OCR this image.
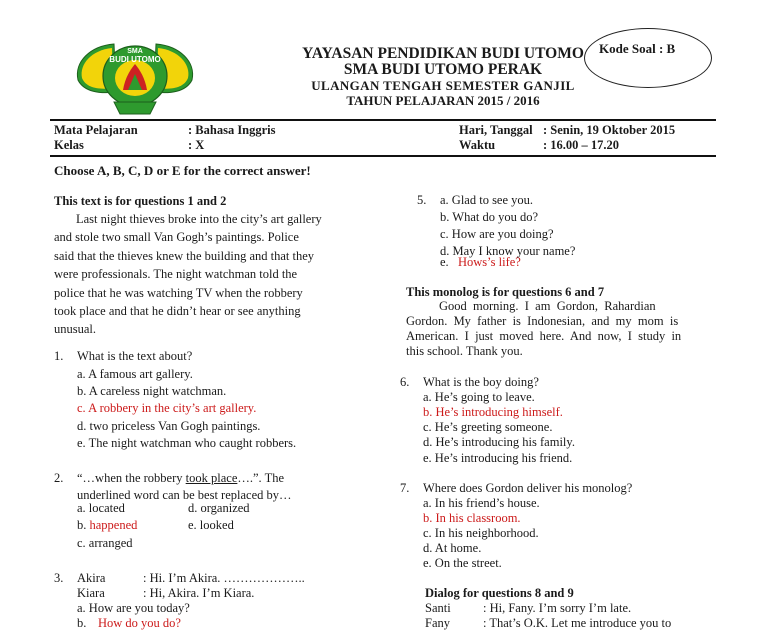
SMA
BUDI UTOMO	YAYASAN PENDIDIKAN BUDI UTOMO
SMA BUDI UTOMO PERAK
ULANGAN TENGAH SEMESTER GANJIL
TAHUN PELAJARAN 2015 / 2016
Kode Soal : B
Mata Pelajaran	: Bahasa Inggris
Kelas	: X
Hari, Tanggal : Senin, 19 Oktober 2015
Waktu	: 16.00 – 17.20
Choose A, B, C, D or E for the correct answer!
This text is for questions 1 and 2
Last night thieves broke into the city’s art gallery
and stole two small Van Gogh’s paintings. Police
said that the thieves knew the building and that they
were professionals. The night watchman told the
police that he was watching TV when the robbery
took place and that he didn’t hear or see anything
unusual.
1. What is the text about?
a. A famous art gallery.
b. A careless night watchman.
c. A robbery in the city’s art gallery.
d. two priceless Van Gogh paintings.
e. The night watchman who caught robbers.
2. “…when the robbery took place….”. The
underlined word can be best replaced by…
a. located	d. organized
b. happened	e. looked
c. arranged
3. Akira	: Hi. I’m Akira. ………………..
Kiara	: Hi, Akira. I’m Kiara.
a. How are you today?
b. How do you do?
5. a. Glad to see you.
b. What do you do?
c. How are you doing?
d. May I know your name?
e. Hows’s life?
This monolog is for questions 6 and 7
Good  morning.  I  am  Gordon,  Rahardian
Gordon.  My  father  is  Indonesian,  and  my  mom  is
American.  I  just  moved  here.  And  now,  I  study  in
this school. Thank you.
6. What is the boy doing?
a. He’s going to leave.
b. He’s introducing himself.
c. He’s greeting someone.
d. He’s introducing his family.
e. He’s introducing his friend.
7. Where does Gordon deliver his monolog?
a. In his friend’s house.
b. In his classroom.
c. In his neighborhood.
d. At home.
e. On the street.
Dialog for questions 8 and 9
Santi	: Hi, Fany. I’m sorry I’m late.
Fany	: That’s O.K. Let me introduce you to
